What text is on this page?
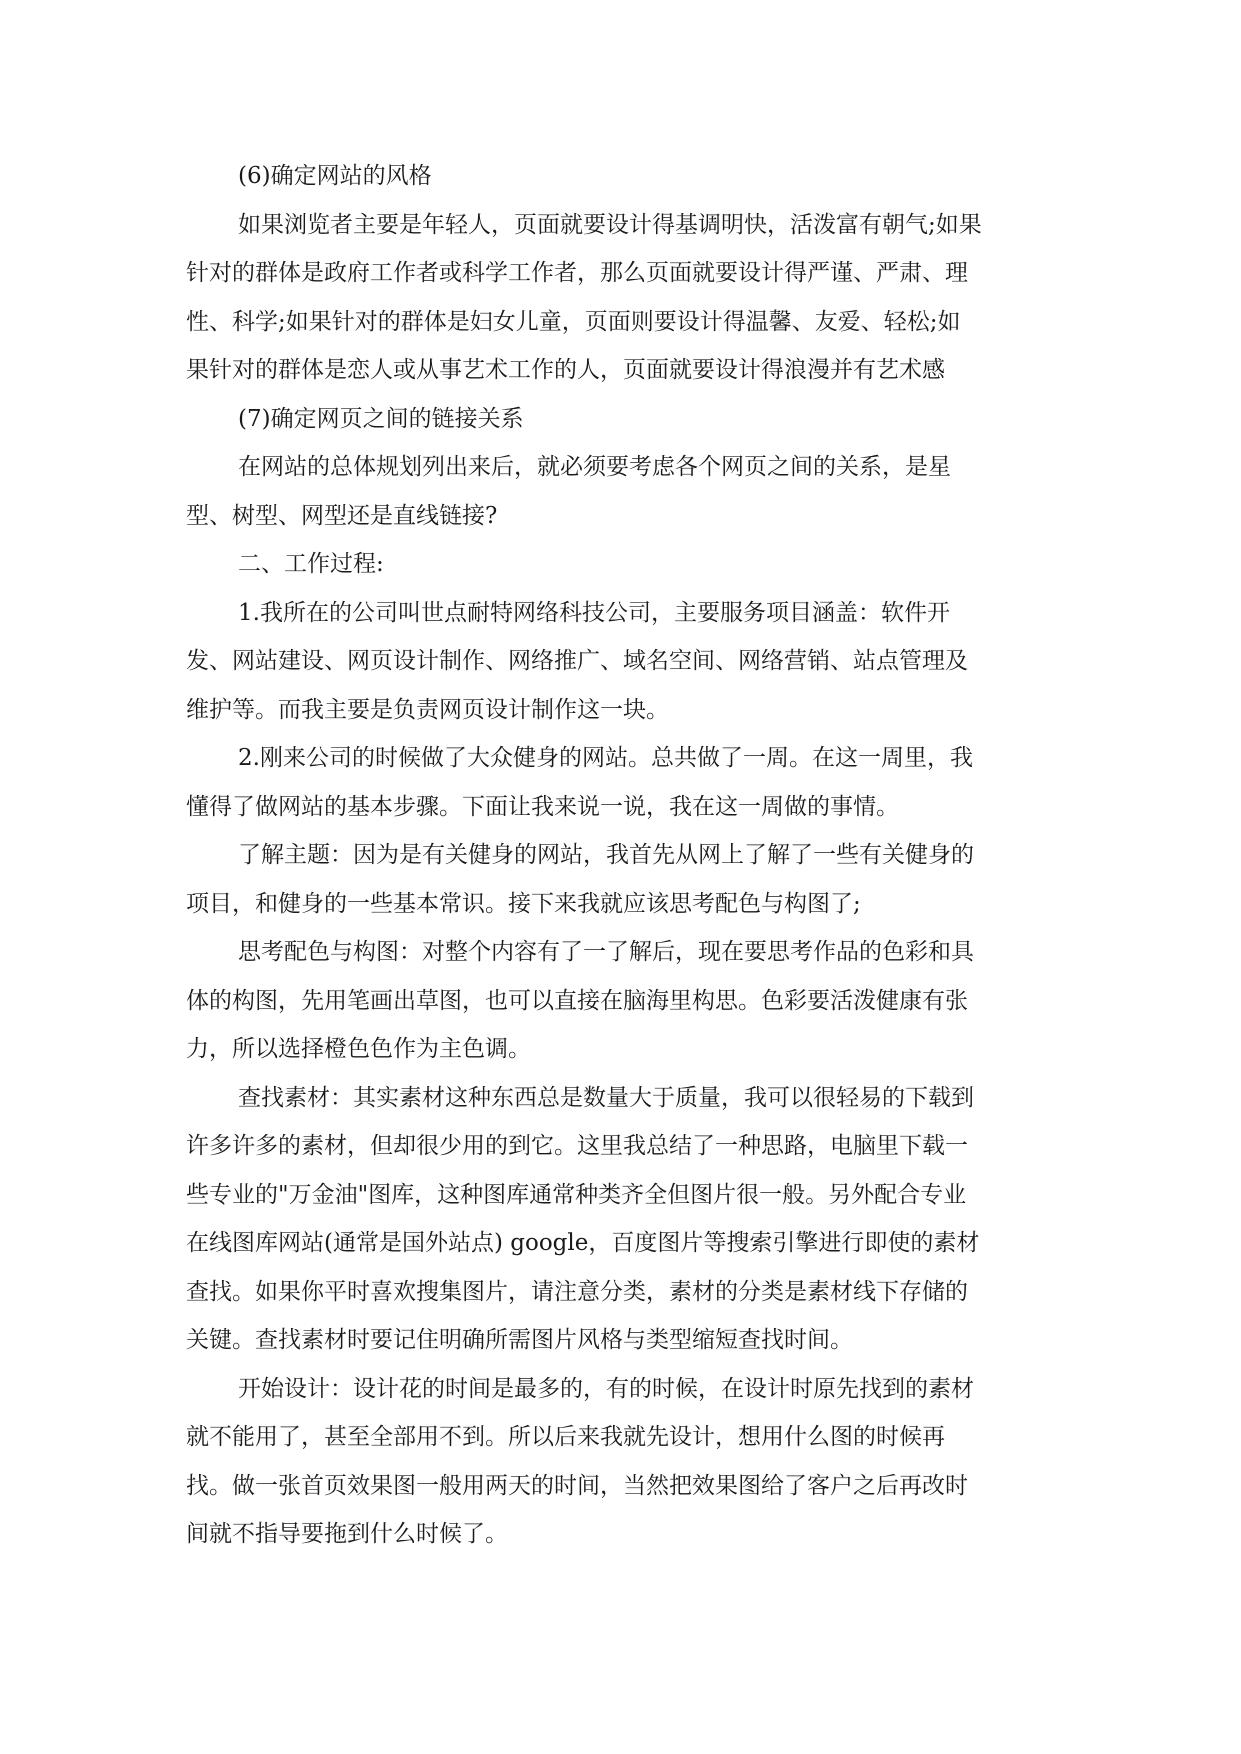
(6)确定网站的风格
如果浏览者主要是年轻人，页面就要设计得基调明快，活泼富有朝气;如果
针对的群体是政府工作者或科学工作者，那么页面就要设计得严谨、严肃、理
性、科学;如果针对的群体是妇女儿童，页面则要设计得温馨、友爱、轻松;如
果针对的群体是恋人或从事艺术工作的人，页面就要设计得浪漫并有艺术感
(7)确定网页之间的链接关系
在网站的总体规划列出来后，就必须要考虑各个网页之间的关系，是星
型、树型、网型还是直线链接?
二、工作过程:
1.我所在的公司叫世点耐特网络科技公司，主要服务项目涵盖：软件开
发、网站建设、网页设计制作、网络推广、域名空间、网络营销、站点管理及
维护等。而我主要是负责网页设计制作这一块。
2.刚来公司的时候做了大众健身的网站。总共做了一周。在这一周里，我
懂得了做网站的基本步骤。下面让我来说一说，我在这一周做的事情。
了解主题：因为是有关健身的网站，我首先从网上了解了一些有关健身的
项目，和健身的一些基本常识。接下来我就应该思考配色与构图了;
思考配色与构图：对整个内容有了一了解后，现在要思考作品的色彩和具
体的构图，先用笔画出草图，也可以直接在脑海里构思。色彩要活泼健康有张
力，所以选择橙色色作为主色调。
查找素材：其实素材这种东西总是数量大于质量，我可以很轻易的下载到
许多许多的素材，但却很少用的到它。这里我总结了一种思路，电脑里下载一
些专业的"万金油"图库，这种图库通常种类齐全但图片很一般。另外配合专业
在线图库网站(通常是国外站点) google，百度图片等搜索引擎进行即使的素材
查找。如果你平时喜欢搜集图片，请注意分类，素材的分类是素材线下存储的
关键。查找素材时要记住明确所需图片风格与类型缩短查找时间。
开始设计：设计花的时间是最多的，有的时候，在设计时原先找到的素材
就不能用了，甚至全部用不到。所以后来我就先设计，想用什么图的时候再
找。做一张首页效果图一般用两天的时间，当然把效果图给了客户之后再改时
间就不指导要拖到什么时候了。
